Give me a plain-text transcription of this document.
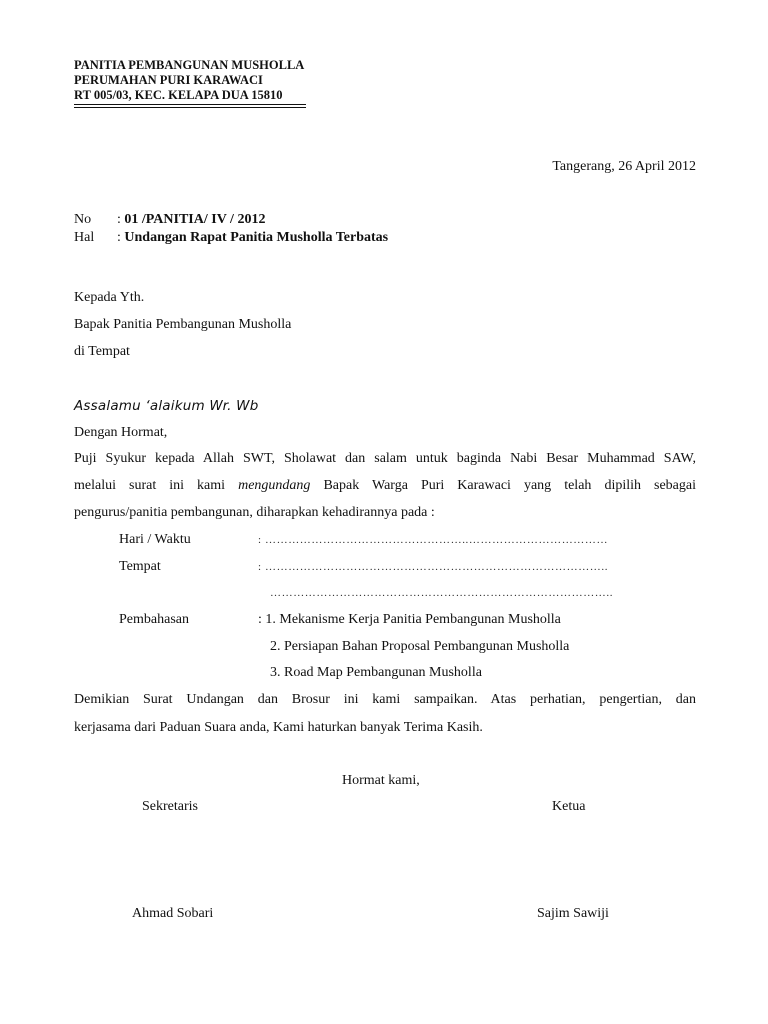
PANITIA PEMBANGUNAN MUSHOLLA
PERUMAHAN PURI KARAWACI
RT 005/03, KEC. KELAPA DUA 15810
Tangerang, 26 April 2012
No : 01 /PANITIA/ IV / 2012
Hal : Undangan Rapat Panitia Musholla Terbatas
Kepada Yth.
Bapak Panitia Pembangunan Musholla
di Tempat
Assalamu ‘alaikum Wr. Wb
Dengan Hormat,
Puji Syukur kepada Allah SWT, Sholawat dan salam untuk baginda Nabi Besar Muhammad SAW,
melalui surat ini kami mengundang Bapak Warga Puri Karawaci yang telah dipilih sebagai
pengurus/panitia pembangunan, diharapkan kehadirannya pada :
Hari / Waktu	: ……………………………………………..………………………………
Tempat	: ……………………………………………………………………………..
……………………………………………………………………………..
Pembahasan	: 1. Mekanisme Kerja Panitia Pembangunan Musholla
2. Persiapan Bahan Proposal Pembangunan Musholla
3. Road Map Pembangunan Musholla
Demikian Surat Undangan dan Brosur ini kami sampaikan. Atas perhatian, pengertian, dan
kerjasama dari Paduan Suara anda, Kami haturkan banyak Terima Kasih.
Hormat kami,
Sekretaris	Ketua
Ahmad Sobari	Sajim Sawiji
